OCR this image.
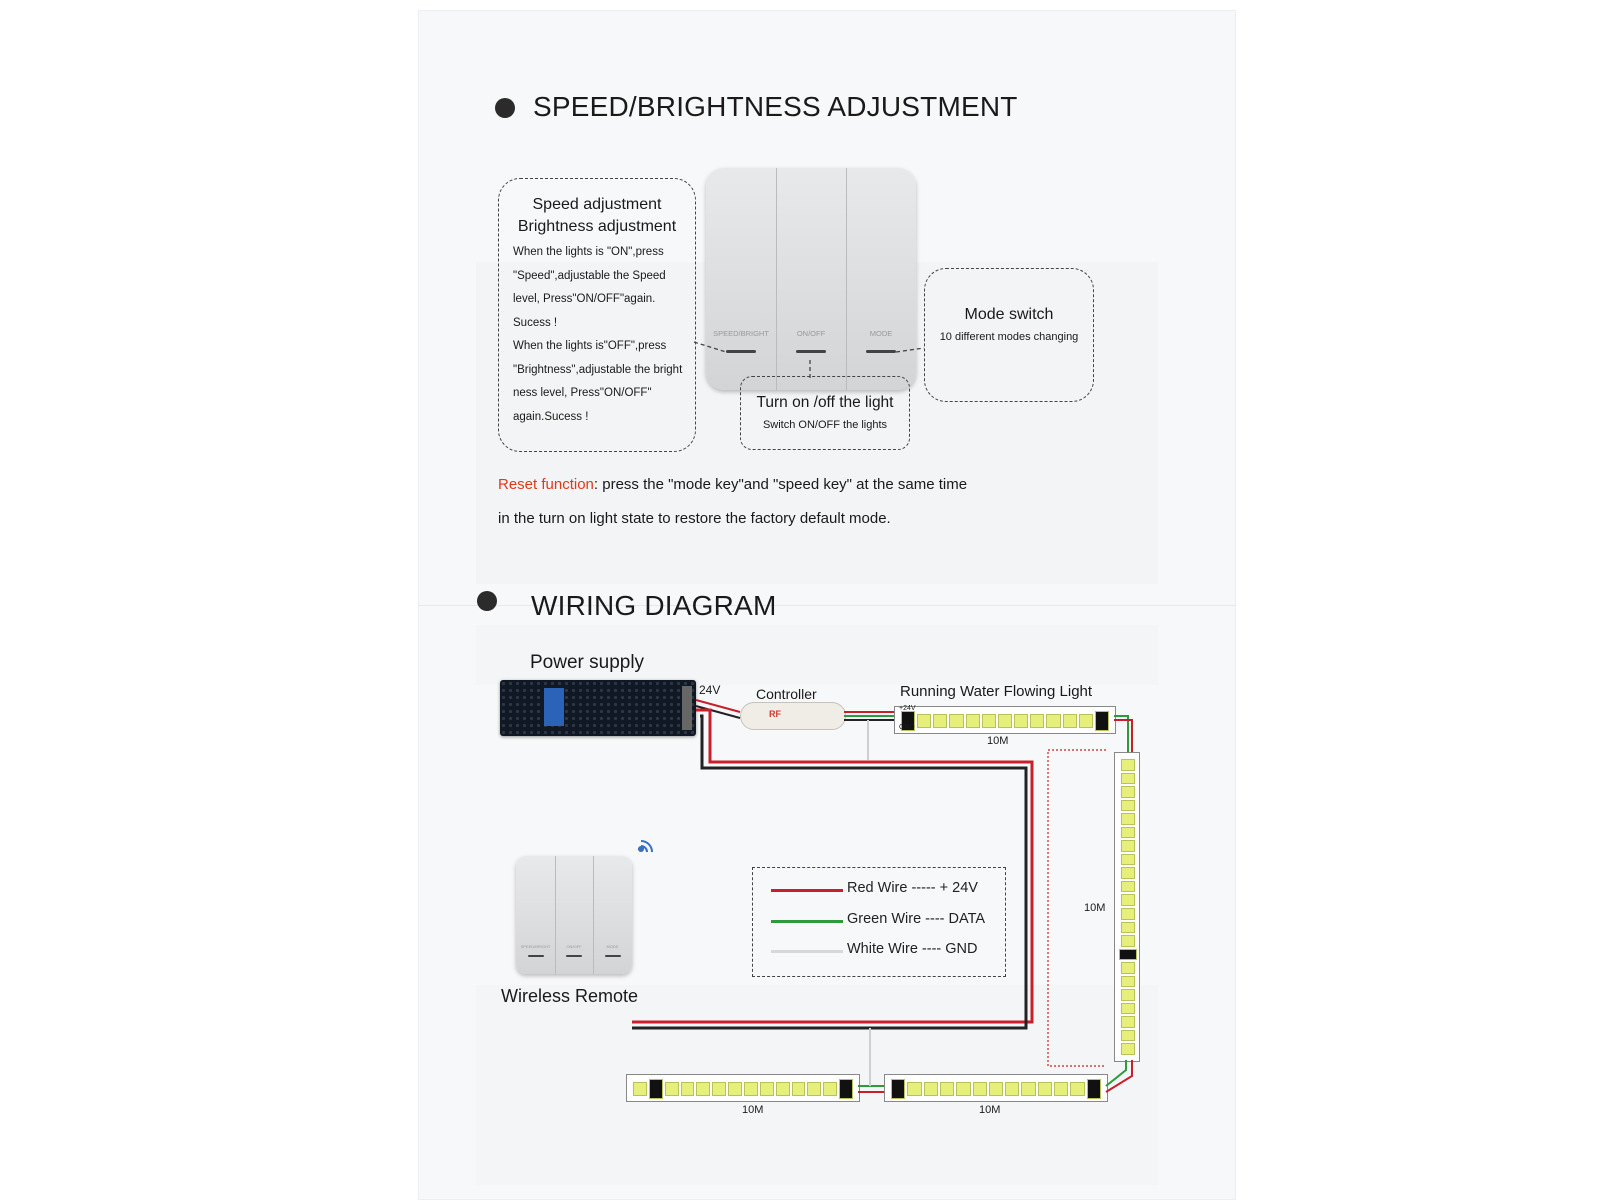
SPEED/BRIGHTNESS ADJUSTMENT
Speed adjustment
Brightness adjustment
When the lights is "ON",press
"Speed",adjustable the Speed
level, Press"ON/OFF"again.
Sucess !
When the lights is"OFF",press
"Brightness",adjustable the bright
ness level, Press"ON/OFF"
again.Sucess !
SPEED/BRIGHT	ON/OFF	MODE
Turn on /off the light
Switch ON/OFF the lights
Mode switch
10 different modes changing
Reset function: press the "mode key"and "speed key" at the same time
in the turn on light state to restore the factory default mode.
WIRING DIAGRAM
Power supply
24V	Controller
RF
Running Water Flowing Light
+24V
GND
10M
10M
10M	10M
SPEED/BRIGHT	ON/OFF	MODE
Wireless Remote
Red Wire ----- + 24V
Green Wire ---- DATA
White Wire ---- GND
